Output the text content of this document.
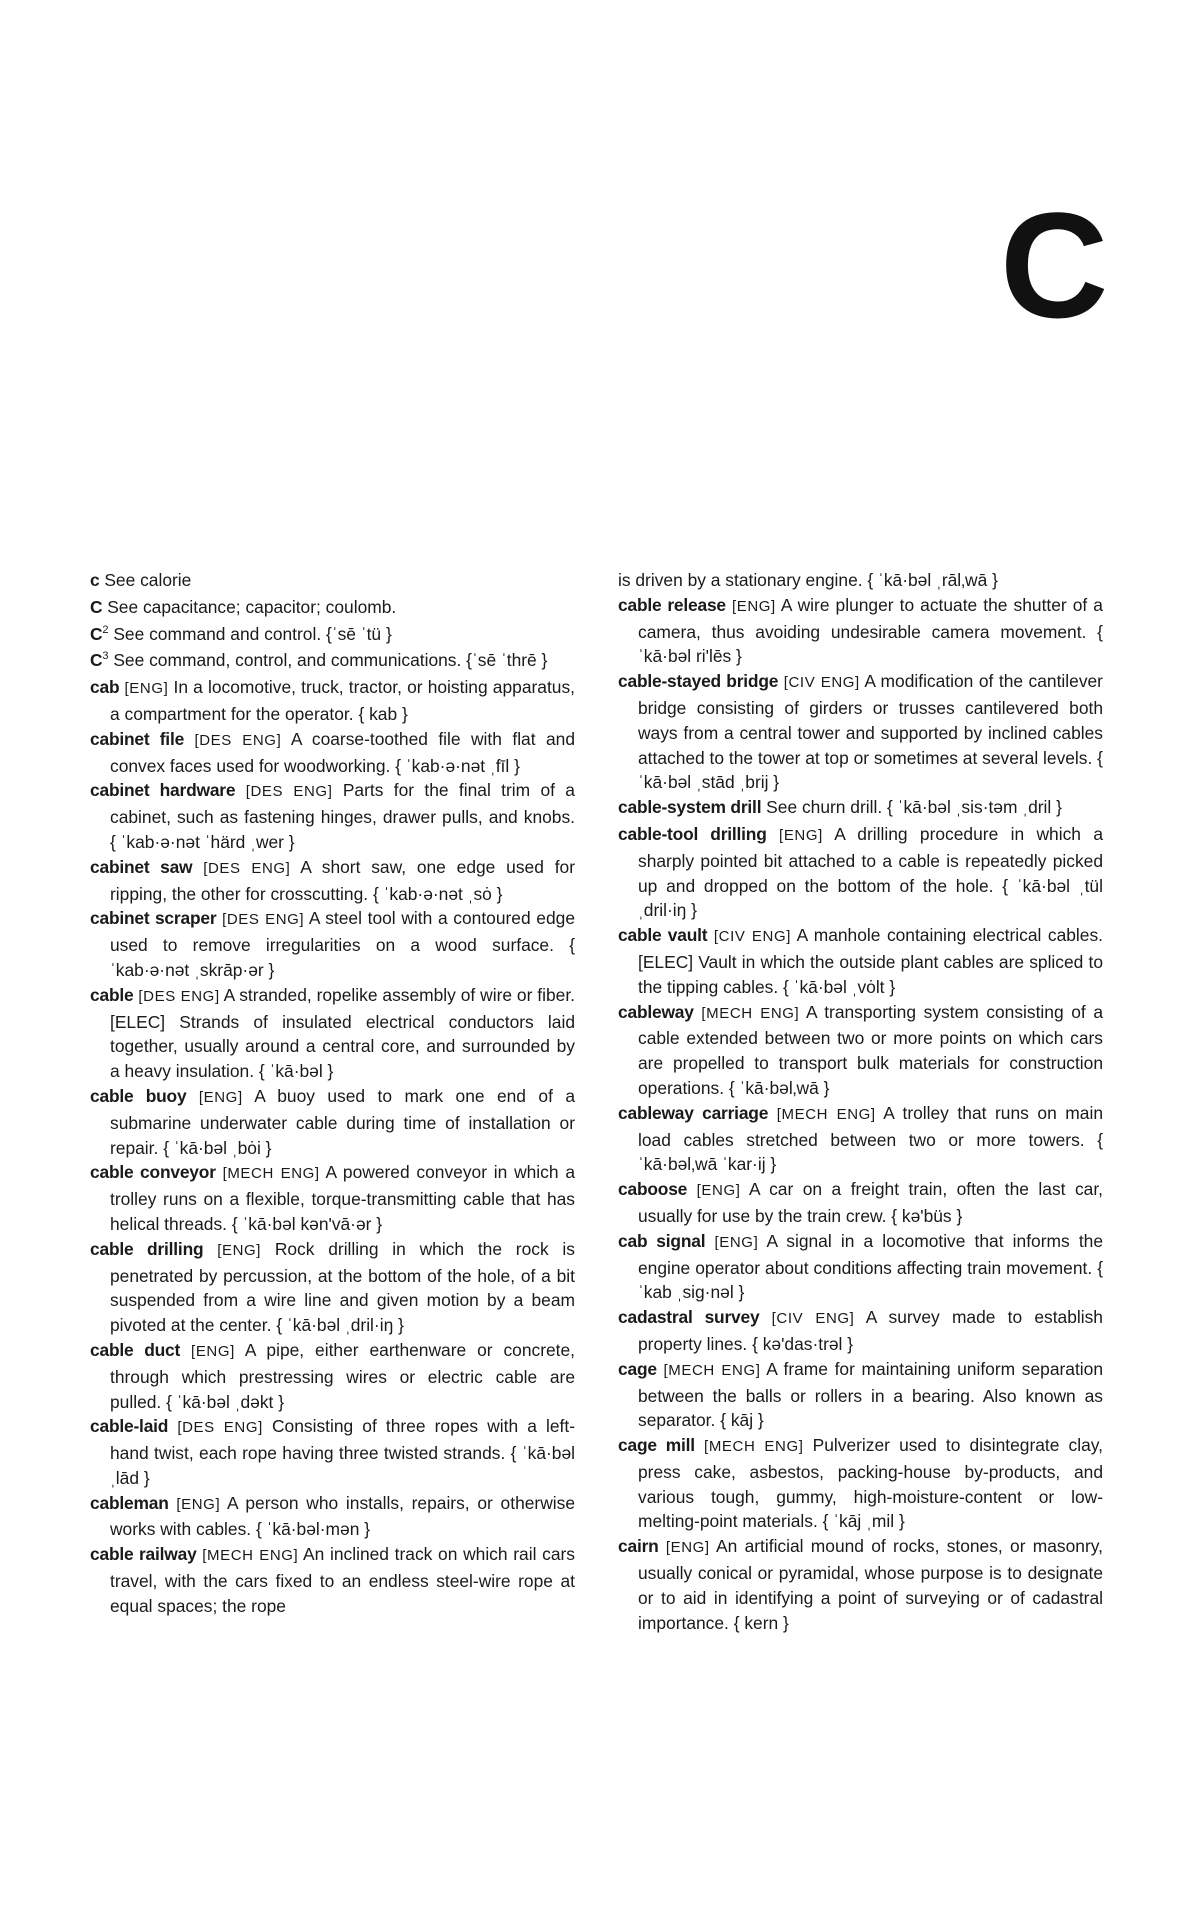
C

c See calorie

C See capacitance; capacitor; coulomb.

$C^2$ See command and control. {ˈsē ˈtü }

$C^3$ See command, control, and communications. {ˈsē ˈthrē }

cab [ENG] In a locomotive, truck, tractor, or hoisting apparatus, a compartment for the operator. { kab }

cabinet file [DES ENG] A coarse-toothed file with flat and convex faces used for woodworking. { ˈkab·ə·nət ˌfīl }

cabinet hardware [DES ENG] Parts for the final trim of a cabinet, such as fastening hinges, drawer pulls, and knobs. { ˈkab·ə·nət ˈhärd ˌwer }

cabinet saw [DES ENG] A short saw, one edge used for ripping, the other for crosscutting. { ˈkab·ə·nət ˌsȯ }

cabinet scraper [DES ENG] A steel tool with a contoured edge used to remove irregularities on a wood surface. { ˈkab·ə·nət ˌskrāp·ər }

cable [DES ENG] A stranded, ropelike assembly of wire or fiber. [ELEC] Strands of insulated electrical conductors laid together, usually around a central core, and surrounded by a heavy insulation. { ˈkā·bəl }

cable buoy [ENG] A buoy used to mark one end of a submarine underwater cable during time of installation or repair. { ˈkā·bəl ˌbȯi }

cable conveyor [MECH ENG] A powered conveyor in which a trolley runs on a flexible, torque-transmitting cable that has helical threads. { ˈkā·bəl kən'vā·ər }

cable drilling [ENG] Rock drilling in which the rock is penetrated by percussion, at the bottom of the hole, of a bit suspended from a wire line and given motion by a beam pivoted at the center. { ˈkā·bəl ˌdril·iŋ }

cable duct [ENG] A pipe, either earthenware or concrete, through which prestressing wires or electric cable are pulled. { ˈkā·bəl ˌdəkt }

cable-laid [DES ENG] Consisting of three ropes with a left-hand twist, each rope having three twisted strands. { ˈkā·bəl ˌlād }

cableman [ENG] A person who installs, repairs, or otherwise works with cables. { ˈkā·bəl·mən }

cable railway [MECH ENG] An inclined track on which rail cars travel, with the cars fixed to an endless steel-wire rope at equal spaces; the rope

is driven by a stationary engine. { ˈkā·bəl ˌrāl‚wā }

cable release [ENG] A wire plunger to actuate the shutter of a camera, thus avoiding undesirable camera movement. { ˈkā·bəl ri'lēs }

cable-stayed bridge [CIV ENG] A modification of the cantilever bridge consisting of girders or trusses cantilevered both ways from a central tower and supported by inclined cables attached to the tower at top or sometimes at several levels. { ˈkā·bəl ˌstād ˌbrij }

cable-system drill See churn drill. { ˈkā·bəl ˌsis·təm ˌdril }

cable-tool drilling [ENG] A drilling procedure in which a sharply pointed bit attached to a cable is repeatedly picked up and dropped on the bottom of the hole. { ˈkā·bəl ˌtül ˌdril·iŋ }

cable vault [CIV ENG] A manhole containing electrical cables. [ELEC] Vault in which the outside plant cables are spliced to the tipping cables. { ˈkā·bəl ˌvȯlt }

cableway [MECH ENG] A transporting system consisting of a cable extended between two or more points on which cars are propelled to transport bulk materials for construction operations. { ˈkā·bəl‚wā }

cableway carriage [MECH ENG] A trolley that runs on main load cables stretched between two or more towers. { ˈkā·bəl‚wā ˈkar·ij }

caboose [ENG] A car on a freight train, often the last car, usually for use by the train crew. { kə'büs }

cab signal [ENG] A signal in a locomotive that informs the engine operator about conditions affecting train movement. { ˈkab ˌsig·nəl }

cadastral survey [CIV ENG] A survey made to establish property lines. { kə'das·trəl }

cage [MECH ENG] A frame for maintaining uniform separation between the balls or rollers in a bearing. Also known as separator. { kāj }

cage mill [MECH ENG] Pulverizer used to disintegrate clay, press cake, asbestos, packing-house by-products, and various tough, gummy, high-moisture-content or low-melting-point materials. { ˈkāj ˌmil }

cairn [ENG] An artificial mound of rocks, stones, or masonry, usually conical or pyramidal, whose purpose is to designate or to aid in identifying a point of surveying or of cadastral importance. { kern }
